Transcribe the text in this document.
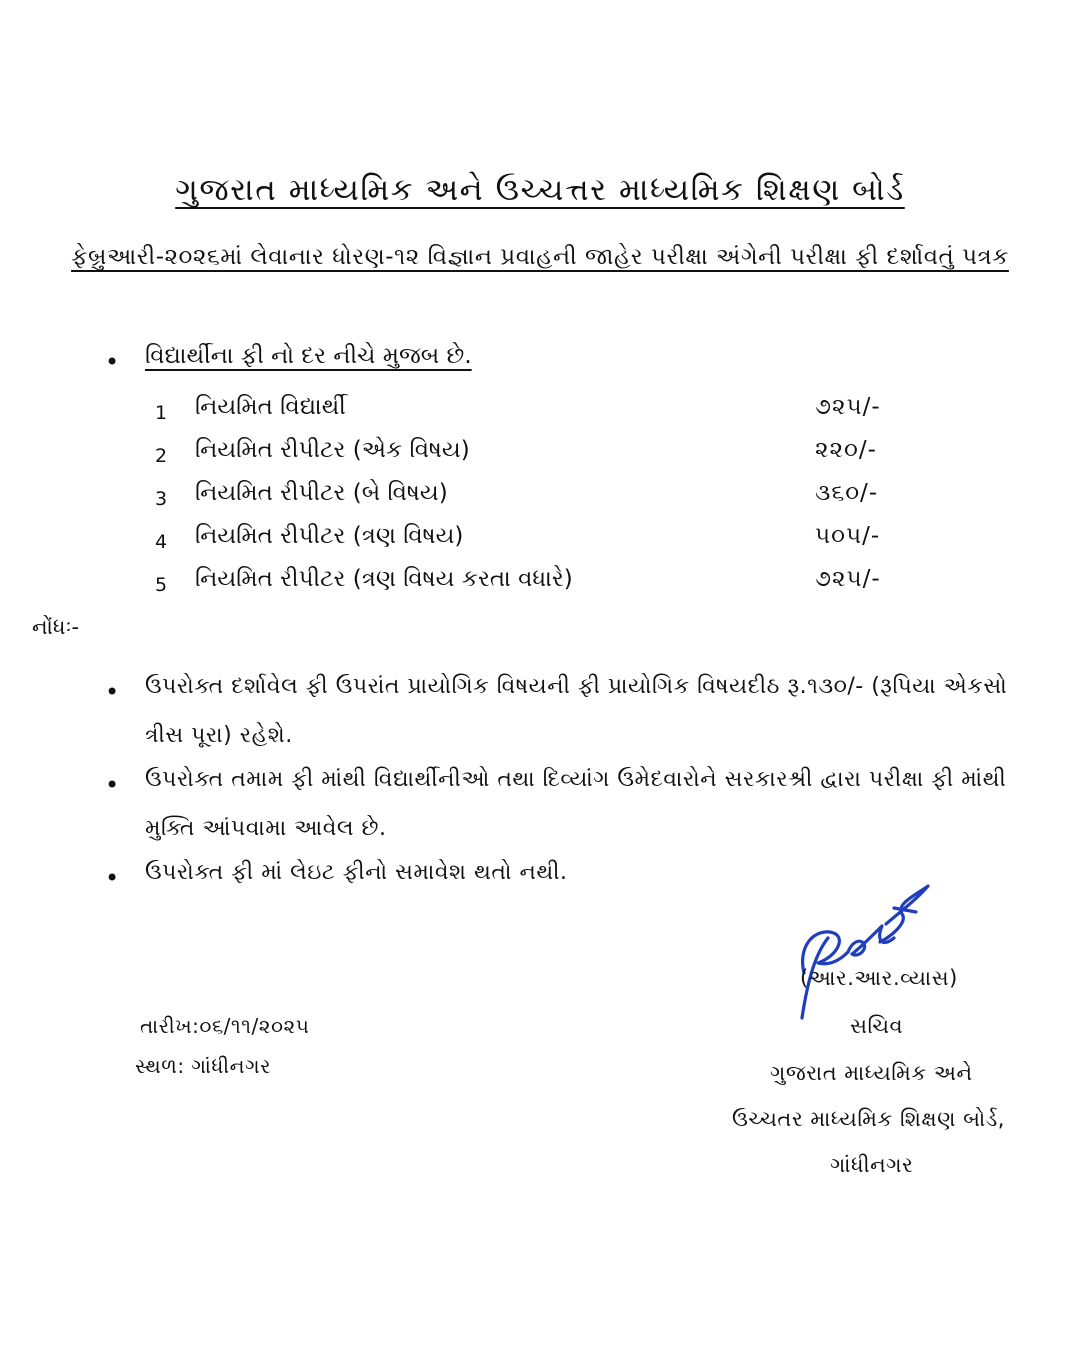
ગુજરાત માધ્યમિક અને ઉચ્ચત્તર માધ્યમિક શિક્ષણ બોર્ડ
ફેબ્રુઆરી-૨૦૨૬માં લેવાનાર ધોરણ-૧૨ વિજ્ઞાન પ્રવાહની જાહેર પરીક્ષા અંગેની પરીક્ષા ફી દર્શાવતું પત્રક
• વિદ્યાર્થીના ફી નો દર નીચે મુજબ છે.
1 નિયમિત વિદ્યાર્થી	૭૨૫/-
2 નિયમિત રીપીટર (એક વિષય)	૨૨૦/-
3 નિયમિત રીપીટર (બે વિષય)	૩૬૦/-
4 નિયમિત રીપીટર (ત્રણ વિષય)	૫૦૫/-
5 નિયમિત રીપીટર (ત્રણ વિષય કરતા વધારે)	૭૨૫/-
નોંધઃ-
• ઉપરોક્ત દર્શાવેલ ફી ઉપરાંત પ્રાયોગિક વિષયની ફી પ્રાયોગિક વિષયદીઠ રૂ.૧૩૦/- (રૂપિયા એકસો ત્રીસ પૂરા) રહેશે.
• ઉપરોક્ત તમામ ફી માંથી વિદ્યાર્થીનીઓ તથા દિવ્યાંગ ઉમેદવારોને સરકારશ્રી દ્વારા પરીક્ષા ફી માંથી મુક્તિ આંપવામા આવેલ છે.
• ઉપરોક્ત ફી માં લેઇટ ફીનો સમાવેશ થતો નથી.
તારીખ:૦૬/૧૧/૨૦૨૫
સ્થળ: ગાંધીનગર
(આર.આર.વ્યાસ)
સચિવ
ગુજરાત માધ્યમિક અને
ઉચ્ચતર માધ્યમિક શિક્ષણ બોર્ડ,
ગાંધીનગર
